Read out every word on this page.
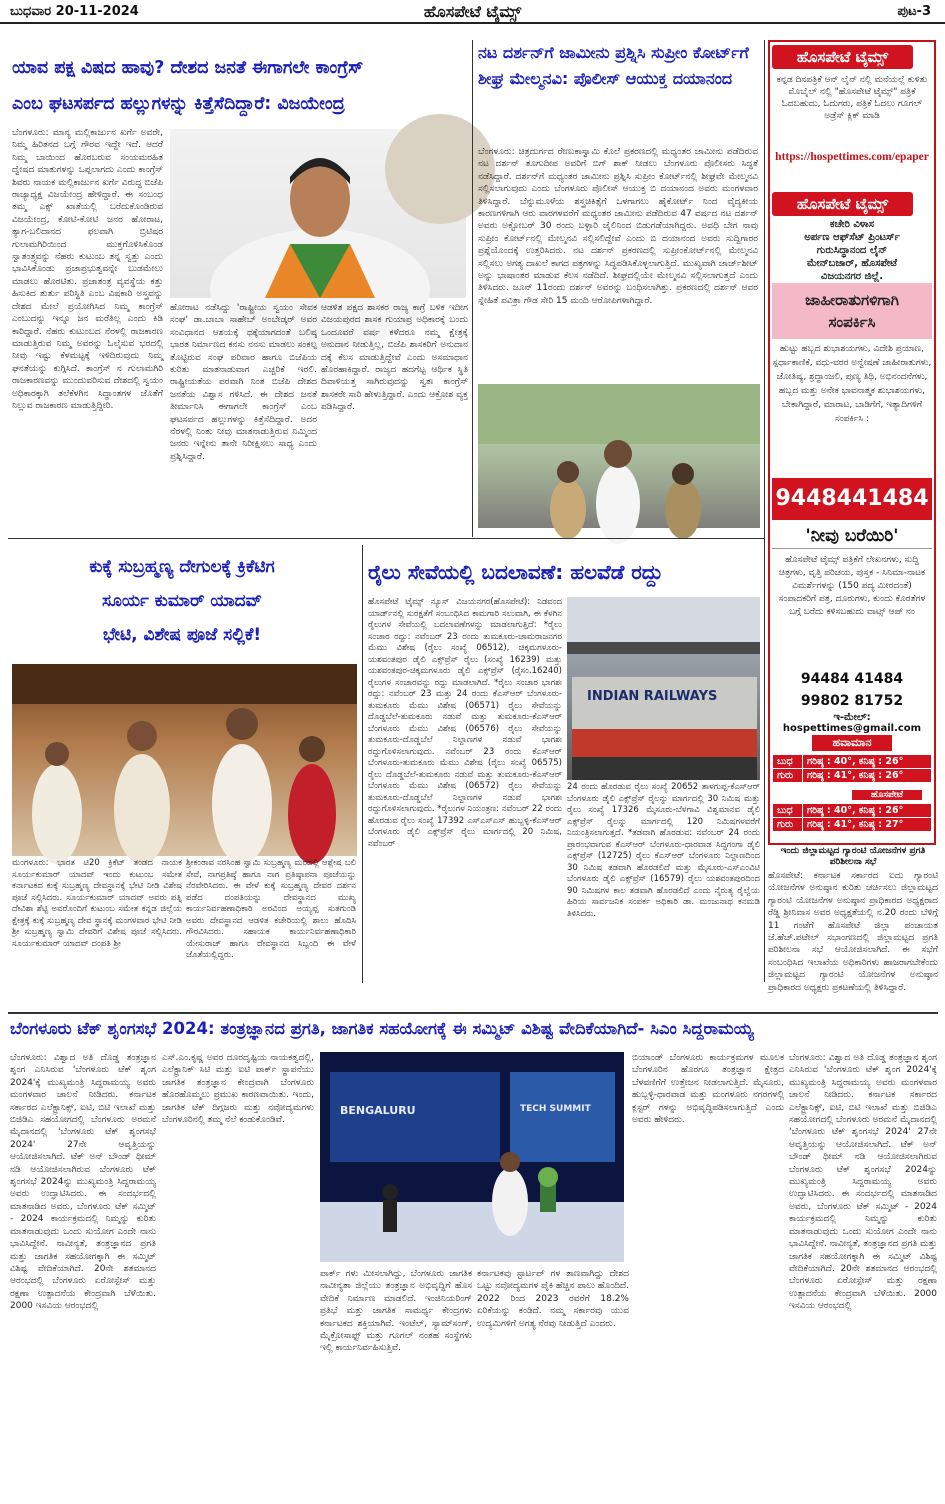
ಬುಧವಾರ 20-11-2024	ಹೊಸಪೇಟೆ ಟೈಮ್ಸ್	ಪುಟ-3
ಯಾವ ಪಕ್ಷ ವಿಷದ ಹಾವು? ದೇಶದ ಜನತೆ ಈಗಾಗಲೇ ಕಾಂಗ್ರೆಸ್
ಎಂಬ ಘಟಸರ್ಪದ ಹಲ್ಲುಗಳನ್ನು ಕಿತ್ತೆಸೆದಿದ್ದಾರೆ: ವಿಜಯೇಂದ್ರ
ಬೆಂಗಳೂರು: ಮಾನ್ಯ ಮಲ್ಲಿಕಾರ್ಜುನ ಖರ್ಗೆ ಅವರೇ, ನಿಮ್ಮ ಹಿರಿತನದ ಬಗ್ಗೆ ಗೌರವ ಇದ್ದೇ ಇದೆ. ಆದರೆ ನಿಮ್ಮ ಬಾಯಿಂದ ಹೊರಬರುವ ಸಂಯಮರಹಿತ ದ್ವೇಷದ ಮಾತುಗಳನ್ನು ಒಪ್ಪಲಾಗದು ಎಂದು ಕಾಂಗ್ರೆಸ್ ಶಿವರು ನಾಯಕ ಮಲ್ಲಿಕಾರ್ಜುನ ಖರ್ಗೆ ವಿರುದ್ಧ ಬಿಜೆಪಿ ರಾಜ್ಯಾಧ್ಯಕ್ಷ ವಿಜಯೇಂದ್ರ ಹೇಳಿದ್ದಾರೆ. ಈ ಸಂಬಂಧ ತಮ್ಮ ಎಕ್ಸ್ ಖಾತೆಯಲ್ಲಿ ಬರೆದುಕೊಂಡಿರುವ ವಿಜಯೇಂದ್ರ, ಕೋಟಿ-ಕೋಟಿ ಜನರ ಹೋರಾಟ, ತ್ಯಾಗ-ಬಲಿದಾನದ ಫಲವಾಗಿ ಬ್ರಿಟಿಷರ ಗುಲಾಮಗಿರಿಯಿಂದ ಮುಕ್ತಗೊಳಿಸಿಕೊಂಡ ಸ್ವಾತಂತ್ರ್ಯವನ್ನು ನೆಹರು ಕುಟುಂಬ ತನ್ನ ಸ್ವತ್ತು ಎಂದು ಭಾವಿಸಿಕೊಂಡು ಪ್ರಜಾಪ್ರಭುತ್ವವನ್ನೇ ಬುಡಮೇಲು ಮಾಡಲು ಹೊರಟಿತು. ಪ್ರಜಾತಂತ್ರ ವ್ಯವಸ್ಥೆಯ ಕತ್ತು ಹಿಸುಕಿದ ತುರ್ತು ಪರಿಸ್ಥಿತಿ ಎಂಬ ವಿಷಕಾರಿ ಅಸ್ತ್ರವನ್ನು ದೇಶದ ಮೇಲೆ ಪ್ರಯೋಗಿಸಿದ ನಿಮ್ಮ ಕಾಂಗ್ರೆಸ್ ಎಂಬುದನ್ನು ಇನ್ನೂ ಜನ ಮರೆತಿಲ್ಲ ಎಂದು ಕಿಡಿ ಕಾರಿದ್ದಾರೆ. ನೆಹರು ಕುಟುಂಬದ ನೆರಳಲ್ಲಿ ರಾಜಕಾರಣ ಮಾಡುತ್ತಿರುವ ನಿಮ್ಮ ಅವರನ್ನು ಓಲೈಸುವ ಭರದಲ್ಲಿ ನೀವು ಇಷ್ಟು ಕೆಳಮಟ್ಟಕ್ಕೆ ಇಳಿದಿರುವುದು ನಿಮ್ಮ ಘನತೆಯನ್ನು ಕುಗ್ಗಿಸಿದೆ. ಕಾಂಗ್ರೆಸ್ ನ ಗುಲಾಮಗಿರಿ ರಾಜಕಾರಣವನ್ನು ಮುಂದುವರಿಸುವ ದೇಶದಲ್ಲಿ ಸ್ವಯಂ ಅಧಿಕಾರಕ್ಕಾಗಿ ತಲೆಕೆಳಗಿನ ಸಿದ್ಧಾಂತಗಳ ಜೊತೆಗೆ ನಿಲ್ಲುವ ರಾಜಕಾರಣ ಮಾಡುತ್ತಿದ್ದೀರಿ.
ಹೋರಾಟ ನಡೆಸಿದ್ದು 'ರಾಷ್ಟ್ರೀಯ ಸ್ವಯಂ ಸೇವಕ ಸಂಘ' ಡಾ.ಬಾಬಾ ಸಾಹೇಬ್ ಅಂಬೇಡ್ಕರ್ ಅವರ ಸಂವಿಧಾನದ ಆಶಯಕ್ಕೆ ಧಕ್ಕೆಯಾಗದಂತೆ ಬಲಿಷ್ಠ ಭಾರತ ನಿರ್ಮಾಣದ ಕನಸು ನನಸು ಮಾಡಲು ಸಂಕಲ್ಪ ತೊಟ್ಟಿರುವ ಸಂಘ ಪರಿವಾರ ಹಾಗೂ ಬಿಜೆಪಿಯ ಕುರಿತು ಮಾತನಾಡುವಾಗ ಎಚ್ಚರಿಕೆ ಇರಲಿ. ರಾಷ್ಟ್ರೀಯತೆಯ ಪರವಾಗಿ ನಿಂತ ಬಿಜೆಪಿ ದೇಶದ ಜನತೆಯ ವಿಶ್ವಾಸ ಗಳಿಸಿದೆ. ಈ ದೇಶದ ಜನತೆ ತೀರ್ಮಾನಿಸಿ ಈಗಾಗಲೇ ಕಾಂಗ್ರೆಸ್ ಎಂಬ ಘಟಸರ್ಪದ ಹಲ್ಲುಗಳನ್ನು ಕಿತ್ತೆಸೆದಿದ್ದಾರೆ. ಅದರ ನೆರಳಲ್ಲಿ ನಿಂತು ನೀವು ಮಾತನಾಡುತ್ತಿರುವ ನಿಮ್ಮಿಂದ ಜನರು ಇನ್ನೇನು ತಾನೇ ನಿರೀಕ್ಷಿಸಲು ಸಾಧ್ಯ ಎಂದು ಪ್ರಶ್ನಿಸಿದ್ದಾರೆ.
ಆಡಳಿತ ಪಕ್ಷದ ಶಾಸಕರ ರಾಜ್ಯ ಕಾಗ್ರೆ ಬಳಿಕ ಇದೀಗ ವಿಜಯಪುರದ ಶಾಸಕ ಗುಯಾಪ್ರ ಅಧಿಕಾರಕ್ಕೆ ಬಂದು ಒಂದೂವರೆ ವರ್ಷ ಕಳೆದರೂ ನಮ್ಮ ಕ್ಷೇತ್ರಕ್ಕೆ ಅನುದಾನ ನೀಡುತ್ತಿಲ್ಲ, ಬಿಜೆಪಿ ಶಾಸಕರಿಗೆ ಅನುದಾನ ದಕ್ಕೆ ಕೆಲಸ ಮಾಡುತ್ತಿದ್ದೇವೆ ಎಂದು ಅಸಮಾಧಾನ ಹೊರಹಾಕಿದ್ದಾರೆ. ರಾಜ್ಯದ ಹದಗೆಟ್ಟ ಆರ್ಥಿಕ ಸ್ಥಿತಿ ದಿವಾಳಿಯತ್ತ ಸಾಗಿರುವುದನ್ನು ಸ್ವತಃ ಕಾಂಗ್ರೆಸ್ ಶಾಸಕರೇ ಸಾರಿ ಹೇಳುತ್ತಿದ್ದಾರೆ. ಎಂದು ಆಕ್ರೋಶ ವ್ಯಕ್ತ ಪಡಿಸಿದ್ದಾರೆ.
ನಟ ದರ್ಶನ್‌ಗೆ ಜಾಮೀನು ಪ್ರಶ್ನಿಸಿ ಸುಪ್ರೀಂ ಕೋರ್ಟ್‌ಗೆ ಶೀಘ್ರ ಮೇಲ್ಮನವಿ: ಪೊಲೀಸ್ ಆಯುಕ್ತ ದಯಾನಂದ
ಬೆಂಗಳೂರು: ಚಿತ್ರದುರ್ಗದ ರೇಣುಕಾಸ್ವಾಮಿ ಕೊಲೆ ಪ್ರಕರಣದಲ್ಲಿ ಮಧ್ಯಂತರ ಜಾಮೀನು ಪಡೆದಿರುವ ನಟ ದರ್ಶನ್ ತೂಗುದೀಪ ಅವರಿಗೆ ಬಿಗ್ ಶಾಕ್ ನೀಡಲು ಬೆಂಗಳೂರು ಪೊಲೀಸರು ಸಿದ್ಧತೆ ನಡೆಸಿದ್ದಾರೆ. ದರ್ಶನ್‌ಗೆ ಮಧ್ಯಂತರ ಜಾಮೀನು ಪ್ರಶ್ನಿಸಿ ಸುಪ್ರೀಂ ಕೋರ್ಟ್‌ನಲ್ಲಿ ಶೀಘ್ರವೇ ಮೇಲ್ಮನವಿ ಸಲ್ಲಿಸಲಾಗುವುದು ಎಂದು ಬೆಂಗಳೂರು ಪೊಲೀಸ್ ಆಯುಕ್ತ ಬಿ ದಯಾನಂದ ಅವರು ಮಂಗಳವಾರ ತಿಳಿಸಿದ್ದಾರೆ. ಬೆನ್ನುಮೂಳೆಯ ಶಸ್ತ್ರಚಿಕಿತ್ಸೆಗೆ ಒಳಗಾಗಲು ಹೈಕೋರ್ಟ್ ನಿಂದ ವೈದ್ಯಕೀಯ ಕಾರಣಗಳಿಗಾಗಿ ಆರು ವಾರಗಳವರೆಗೆ ಮಧ್ಯಂತರ ಜಾಮೀನು ಪಡೆದಿರುವ 47 ವರ್ಷದ ನಟ ದರ್ಶನ್ ಅವರು ಅಕ್ಟೋಬರ್ 30 ರಂದು ಬಳ್ಳಾರಿ ಜೈಲಿನಿಂದ ಬಿಡುಗಡೆಯಾಗಿದ್ದರು. ಅವಧಿ ಬೇಗ ನಾವು ಸುಪ್ರೀಂ ಕೋರ್ಟ್‌ನಲ್ಲಿ ಮೇಲ್ಮನವಿ ಸಲ್ಲಿಸಲಿದ್ದೇವೆ ಎಂದು ಬಿ ದಯಾನಂದ ಅವರು ಸುದ್ದಿಗಾರರ ಪ್ರಶ್ನೆಯೊಂದಕ್ಕೆ ಉತ್ತರಿಸಿದರು. ನಟ ದರ್ಶನ್ ಪ್ರಕರಣದಲ್ಲಿ ಸುಪ್ರೀಂಕೋರ್ಟ್‌ನಲ್ಲಿ ಮೇಲ್ಮನವಿ ಸಲ್ಲಿಸಲು ಅಗತ್ಯ ದಾಖಲೆ ಕಾಗದ ಪತ್ರಗಳನ್ನು ಸಿದ್ಧಪಡಿಸಿಕೊಳ್ಳಲಾಗುತ್ತಿದೆ. ಮುಖ್ಯವಾಗಿ ಜಾರ್ಜ್‌ಶೀಟ್ ಅನ್ನು ಭಾಷಾಂತರ ಮಾಡುವ ಕೆಲಸ ನಡೆದಿದೆ. ಶೀಘ್ರದಲ್ಲಿಯೇ ಮೇಲ್ಮನವಿ ಸಲ್ಲಿಸಲಾಗುತ್ತದೆ ಎಂದು ತಿಳಿಸಿದರು. ಜೂನ್ 11ರಂದು ದರ್ಶನ್ ಅವರನ್ನು ಬಂಧಿಸಲಾಗಿತ್ತು. ಪ್ರಕರಣದಲ್ಲಿ ದರ್ಶನ್ ಆವರ ಸ್ನೇಹಿತೆ ಪವಿತ್ರಾ ಗೌಡ ಸೇರಿ 15 ಮಂದಿ ಆರೋಪಿಗಳಾಗಿದ್ದಾರೆ.
ಹೊಸಪೇಟೆ ಟೈಮ್ಸ್
ಕನ್ನಡ ದಿನಪತ್ರಿಕೆ ಆನ್ ಲೈನ್ ನಲ್ಲಿ ಮನೆಯಲ್ಲೆ ಕುಳಿತು ಮೊಬೈಲ್ ನಲ್ಲಿ "ಹೊಸಪೇಟೆ ಟೈಮ್ಸ್" ಪತ್ರಿಕೆ ಓದಬಹುದು, ಓದುಗರು, ಪತ್ರಿಕೆ ಓದಲು ಗೂಗಲ್ ಅಡ್ರೆಸ್ ಕ್ಲಿಕ್ ಮಾಡಿ
https://hospettimes.com/epaper
ಹೊಸಪೇಟೆ ಟೈಮ್ಸ್
ಕಚೇರಿ ವಿಳಾಸ
ಅರ್ಪಣ ಆಫ್‌ಸೆಟ್ ಪ್ರಿಂಟರ್ಸ್
ಗುರುಸಿದ್ಧಾನಂದ ಲೈನ್
ಮೇನ್‌ಬಜಾರ್, ಹೊಸಪೇಟೆ
ವಿಜಯನಗರ ಜಿಲ್ಲೆ.
ಜಾಹೀರಾತುಗಳಿಗಾಗಿ
ಸಂಪರ್ಕಿಸಿ
ಹುಟ್ಟು ಹಬ್ಬದ ಶುಭಾಶಯಗಳು, ವಿದೇಶಿ ಪ್ರಯಾಣ, ಸ್ಪರ್ಧಾಕಾಣಿಕೆ, ವಧು-ವರರ ಅನ್ವೇಷಣೆ ಜಾಹೀರಾತುಗಳು, ಜೋತಿಷ್ಯ, ಶ್ರದ್ಧಾಂಜಲಿ, ಪುಣ್ಯ ತಿಥಿ, ಅಭಿನಂದನೆಗಳು, ಹಬ್ಬದ ಮತ್ತು ಅನೇಕ ಭಾವನಾತ್ಮಕ ಶುಭಾಶಯಗಳು, ಬೇಕಾಗಿದ್ದಾರೆ, ಮಾರಾಟ, ಬಾಡಿಗೆಗೆ, ಇತ್ಯಾದಿಗಳಿಗೆ ಸಂಪರ್ಕಿಸಿ :
9448441484
'ನೀವು ಬರೆಯಿರಿ'
ಹೊಸಪೇಟೆ ಟೈಮ್ಸ್ ಪತ್ರಿಕೆಗೆ ಲೇಖನಗಳು, ಸುದ್ದಿ ಚಿತ್ರಗಳು, ವೃತ್ತಿ ಪರಿಚಯ, ಪುಸ್ತಕ - ಸಿನಿಮಾ-ನಾಟಕ ವಿಮರ್ಶೆಗಳನ್ನು (150 ಪದ್ಯ ಮೀರದಂತೆ) ಸಂಪಾದಕರಿಗೆ ಪತ್ರ, ದೂರುಗಳು, ಕುಂದು ಕೊರತೆಗಳ ಬಗ್ಗೆ ಬರೆದು ಕಳಿಸಬಹುದು ವಾಟ್ಸ್ ಆಪ್ ನಂ
94484 41484
99802 81752
ಇ-ಮೇಲ್: hospettimes@gmail.com
ಹವಾಮಾನ
ಬುಧ	ಗರಿಷ್ಠ : 40°, ಕನಿಷ್ಠ : 26°
ಗುರು	ಗರಿಷ್ಠ : 41°, ಕನಿಷ್ಠ : 26°
ಹೊಸಪೇಟೆ
ಬುಧ	ಗರಿಷ್ಠ : 40°, ಕನಿಷ್ಠ : 26°
ಗುರು	ಗರಿಷ್ಠ : 41°, ಕನಿಷ್ಠ : 27°
ಇಂದು ಜಿಲ್ಲಾಮಟ್ಟದ ಗ್ಯಾರಂಟಿ ಯೋಜನೆಗಳ ಪ್ರಗತಿ ಪರಿಶೀಲನಾ ಸಭೆ
ಹೊಸಪೇಟೆ: ಕರ್ನಾಟಕ ಸರ್ಕಾರದ ಐದು ಗ್ಯಾರಂಟಿ ಯೋಜನೆಗಳ ಅನುಷ್ಠಾನ ಕುರಿತು ಚರ್ಚಿಸಲು ಜಿಲ್ಲಾಮಟ್ಟದ ಗ್ಯಾರಂಟಿ ಯೋಜನೆಗಳ ಅನುಷ್ಠಾನ ಪ್ರಾಧಿಕಾರದ ಅಧ್ಯಕ್ಷರಾದ ರೆಡ್ಡಿ ಶ್ರೀನಿವಾಸ ಅವರ ಅಧ್ಯಕ್ಷತೆಯಲ್ಲಿ ನ.20 ರಂದು ಬೆಳಿಗ್ಗೆ 11 ಗಂಟೆಗೆ ಹೊಸಪೇಟೆ ಜಿಲ್ಲಾ ಪಂಚಾಯತ ಜೆ.ಹೆಚ್.ಪಟೇಲ್ ಸಭಾಂಗಣದಲ್ಲಿ ಜಿಲ್ಲಾಮಟ್ಟದ ಪ್ರಗತಿ ಪರಿಶೀಲನಾ ಸಭೆ ಆಯೋಜಿಸಲಾಗಿದೆ. ಈ ಸಭೆಗೆ ಸಂಬಂಧಿಸಿದ ಇಲಾಖೆಯ ಅಧಿಕಾರಿಗಳು ಹಾಜರಾಗಬೇಕೆಂದು ಜಿಲ್ಲಾಮಟ್ಟದ ಗ್ಯಾರಂಟಿ ಯೋಜನೆಗಳ ಅನುಷ್ಠಾನ ಪ್ರಾಧಿಕಾರದ ಅಧ್ಯಕ್ಷರು ಪ್ರಕಟಣೆಯಲ್ಲಿ ತಿಳಿಸಿದ್ದಾರೆ.
ಕುಕ್ಕೆ ಸುಬ್ರಹ್ಮಣ್ಯ ದೇಗುಲಕ್ಕೆ ಕ್ರಿಕೆಟಿಗ
ಸೂರ್ಯ ಕುಮಾರ್ ಯಾದವ್
ಭೇಟಿ, ವಿಶೇಷ ಪೂಜೆ ಸಲ್ಲಿಕೆ!
ಮಂಗಳೂರು: ಭಾರತ ಟಿ20 ಕ್ರಿಕೆಟ್ ತಂಡದ ನಾಯಕ ಸೂರ್ಯಕುಮಾರ್ ಯಾದವ್ ಇಂದು ಕುಟುಂಬ ಸಮೇತ ಕರ್ನಾಟಕದ ಕುಕ್ಕೆ ಸುಬ್ರಹ್ಮಣ್ಯ ದೇವಸ್ಥಾನಕ್ಕೆ ಭೇಟಿ ನೀಡಿ ವಿಶೇಷ ಪೂಜೆ ಸಲ್ಲಿಸಿದರು. ಸೂರ್ಯಕುಮಾರ್ ಯಾದವ್ ಅವರು ಪತ್ನಿ ದೇವಿಶಾ ಶೆಟ್ಟಿ ಅವರೊಂದಿಗೆ ಕುಟುಂಬ ಸಮೇತ ಕನ್ನಡ ಜಿಲ್ಲೆಯ ಕ್ಷೇತ್ರಕ್ಕೆ ಕುಕ್ಕೆ ಸುಬ್ರಹ್ಮಣ್ಯ ದೇವ ಸ್ಥಾನಕ್ಕೆ ಮಂಗಳವಾರ ಭೇಟಿ ನೀಡಿ ಶ್ರೀ ಸುಬ್ರಹ್ಮಣ್ಯ ಸ್ವಾಮಿ ದೇವರಿಗೆ ವಿಶೇಷ ಪೂಜೆ ಸಲ್ಲಿಸಿದರು. ಸೂರ್ಯಕುಮಾರ್ ಯಾದವ್ ದಂಪತಿ ಶ್ರೀ
ಶ್ರೀಕಂಠಾವ ನರಸಿಂಹ ಸ್ವಾಮಿ ಸುಬ್ರಹ್ಮಣ್ಯ ಮಠದಲ್ಲಿ ಆಶ್ಲೇಷ ಬಲಿ ಸೇವೆ, ನಾಗಪ್ರತಿಷ್ಠೆ ಹಾಗೂ ನಾಗ ಪ್ರತಿಷ್ಠಾಪನಾ ಪೂಜೆಯನ್ನು ನೆರವೇರಿಸಿದರು. ಈ ವೇಳೆ ಕುಕ್ಕೆ ಸುಬ್ರಹ್ಮಣ್ಯ ದೇವರ ದರ್ಶನ ಪಡೆದ ದಂಪತಿಯನ್ನು ದೇವಸ್ಥಾನದ ಮುಖ್ಯ ಕಾರ್ಯನಿರ್ವಹಣಾಧಿಕಾರಿ ಅರವಿಂದ ಅಯ್ಯಪ್ಪ ಸುತಗುಂಡಿ ಅವರು ದೇವಸ್ಥಾನದ ಆಡಳಿತ ಕಚೇರಿಯಲ್ಲಿ ಶಾಲು ಹೊದಿಸಿ ಗೌರವಿಸಿದರು. ಸಹಾಯಕ ಕಾರ್ಯನಿರ್ವಹಣಾಧಿಕಾರಿ ಯೇಸುರಾಜ್ ಹಾಗೂ ದೇವಸ್ಥಾನದ ಸಿಬ್ಬಂದಿ ಈ ವೇಳೆ ಜೊತೆಯಲ್ಲಿದ್ದರು.
ರೈಲು ಸೇವೆಯಲ್ಲಿ ಬದಲಾವಣೆ: ಹಲವೆಡೆ ರದ್ದು
ಹೊಸಪೇಟೆ ಟೈಮ್ಸ್ ನ್ಯೂಸ್ ವಿಜಯನಗರ(ಹೊಸಪೇಟೆ): ನಿಡವಂದ ಯಾರ್ಡ್‌ನಲ್ಲಿ ಸುರಕ್ಷತೆಗೆ ಸಂಬಂಧಿಸಿದ ಕಾಮಗಾರಿ ಸಲುವಾಗಿ, ಈ ಕೆಳಗಿನ ರೈಲುಗಳ ಸೇವೆಯಲ್ಲಿ ಬದಲಾವಣೆಗಳನ್ನು ಮಾಡಲಾಗುತ್ತಿದೆ: *ರೈಲು ಸಂಚಾರ ರದ್ದು: ನವೆಂಬರ್ 23 ರಂದು ತುಮಕೂರು-ಚಾಮರಾಜನಗರ ಮೆಮು ವಿಶೇಷ (ರೈಲು ಸಂಖ್ಯೆ 06512), ಚಿಕ್ಕಮಗಳೂರು-ಯಶವಂತಪುರ ಡೈಲಿ ಎಕ್ಸ್‌ಪ್ರೆಸ್ ರೈಲು (ಸಂಖ್ಯೆ 16239) ಮತ್ತು ಯಶವಂತಪುರ-ಚಿಕ್ಕಮಗಳೂರು ಡೈಲಿ ಎಕ್ಸ್‌ಪ್ರೆಸ್ (ರೈಸಂ.16240) ರೈಲುಗಳ ಸಂಚಾರವನ್ನು ರದ್ದು ಮಾಡಲಾಗಿದೆ. *ರೈಲು ಸಂಚಾರ ಭಾಗಶಃ ರದ್ದು: ನವೆಂಬರ್ 23 ಮತ್ತು 24 ರಂದು ಕೆಎಸ್‌ಆರ್ ಬೆಂಗಳೂರು-ತುಮಕೂರು ಮೆಮು ವಿಶೇಷ (06571) ರೈಲು ಸೇವೆಯನ್ನು ದೊಡ್ಡಬೆಲೆ-ತುಮಕೂರು ನಡುವೆ ಮತ್ತು ತುಮಕೂರು-ಕೆಎಸ್‌ಆರ್ ಬೆಂಗಳೂರು ಮೆಮು ವಿಶೇಷ (06576) ರೈಲು ಸೇವೆಯನ್ನು ತುಮಕೂರು-ದೊಡ್ಡಬೆಲೆ ನಿಲ್ದಾಣಗಳ ನಡುವೆ ಭಾಗಶಃ ರದ್ದುಗೊಳಿಸಲಾಗುವುದು. ನವೆಂಬರ್ 23 ರಂದು ಕೆಎಸ್‌ಆರ್ ಬೆಂಗಳೂರು-ತುಮಕೂರು ಮೆಮು ವಿಶೇಷ (ರೈಲು ಸಂಖ್ಯೆ 06575) ರೈಲು ದೊಡ್ಡಬೆಲೆ-ತುಮಕೂರು ನಡುವೆ ಮತ್ತು ತುಮಕೂರು-ಕೆಎಸ್‌ಆರ್ ಬೆಂಗಳೂರು ಮೆಮು ವಿಶೇಷ (06572) ರೈಲು ಸೇವೆಯನ್ನು ತುಮಕೂರು-ದೊಡ್ಡಬೆಲೆ ನಿಲ್ದಾಣಗಳ ನಡುವೆ ಭಾಗಶಃ ರದ್ದುಗೊಳಿಸಲಾಗುವುದು. *ರೈಲುಗಳ ನಿಯಂತ್ರಣ: ನವೆಂಬರ್ 22 ರಂದು ಹೊರಡುವ ರೈಲು ಸಂಖ್ಯೆ 17392 ಎಸ್‌ಎಸ್‌ಎಸ್ ಹುಬ್ಬಳ್ಳಿ-ಕೆಎಸ್‌ಆರ್ ಬೆಂಗಳೂರು ಡೈಲಿ ಎಕ್ಸ್‌ಪ್ರೆಸ್ ರೈಲು ಮಾರ್ಗದಲ್ಲಿ 20 ನಿಮಿಷ, ನವೆಂಬರ್
INDIAN RAILWAYS
24 ರಂದು ಹೊರಡುವ ರೈಲು ಸಂಖ್ಯೆ 20652 ತಾಳಗುಪ್ಪ-ಕೆಎಸ್‌ಆರ್ ಬೆಂಗಳೂರು ಡೈಲಿ ಎಕ್ಸ್‌ಪ್ರೆಸ್ ರೈಲನ್ನು ಮಾರ್ಗದಲ್ಲಿ 30 ನಿಮಿಷ ಮತ್ತು ರೈಲು ಸಂಖ್ಯೆ 17326 ಮೈಸೂರು-ಬೆಳಗಾವಿ ವಿಶ್ವಮಾನವ ಡೈಲಿ ಎಕ್ಸ್‌ಪ್ರೆಸ್ ರೈಲನ್ನು ಮಾರ್ಗದಲ್ಲಿ 120 ನಿಮಿಷಗಳವರೆಗೆ ನಿಯಂತ್ರಿಸಲಾಗುತ್ತದೆ. *ತಡವಾಗಿ ಹೊರಡುವ: ನವೆಂಬರ್ 24 ರಂದು ಪ್ರಾರಂಭವಾಗುವ ಕೆಎಸ್‌ಆರ್ ಬೆಂಗಳೂರು-ಧಾರವಾಡ ಸಿದ್ಧಗಂಗಾ ಡೈಲಿ ಎಕ್ಸ್‌ಪ್ರೆಸ್ (12725) ರೈಲು ಕೆಎಸ್‌ಆರ್ ಬೆಂಗಳೂರು ನಿಲ್ದಾಣದಿಂದ 30 ನಿಮಿಷ ತಡವಾಗಿ ಹೊರಡಲಿದೆ ಮತ್ತು ಮೈಸೂರು-ಎಸ್‌ಎಂವಿಟಿ ಬೆಂಗಳೂರು ಡೈಲಿ ಎಕ್ಸ್‌ಪ್ರೆಸ್ (16579) ರೈಲು ಯಶವಂತಪುರದಿಂದ 90 ನಿಮಿಷಗಳ ಕಾಲ ತಡವಾಗಿ ಹೊರಡಲಿದೆ ಎಂದು ನೈರುತ್ಯ ರೈಲ್ವೆಯ ಹಿರಿಯ ಸಾರ್ವಜನಿಕ ಸಂಪರ್ಕ ಅಧಿಕಾರಿ ಡಾ. ಮಂಜುನಾಥ ಕನಮಡಿ ತಿಳಿಸಿದರು.
ಬೆಂಗಳೂರು ಟೆಕ್ ಶೃಂಗಸಭೆ 2024: ತಂತ್ರಜ್ಞಾನದ ಪ್ರಗತಿ, ಜಾಗತಿಕ ಸಹಯೋಗಕ್ಕೆ ಈ ಸಮ್ಮಿಟ್ ವಿಶಿಷ್ಟ ವೇದಿಕೆಯಾಗಿದೆ- ಸಿಎಂ ಸಿದ್ದರಾಮಯ್ಯ
ಬೆಂಗಳೂರು: ವಿಶ್ವಾದ ಅತಿ ದೊಡ್ಡ ತಂತ್ರಜ್ಞಾನ ಶೃಂಗ ಎನಿಸಿರುವ 'ಬೆಂಗಳೂರು ಟೆಕ್ ಶೃಂಗ 2024'ಕ್ಕೆ ಮುಖ್ಯಮಂತ್ರಿ ಸಿದ್ದರಾಮಯ್ಯ ಅವರು ಮಂಗಳವಾರ ಚಾಲನೆ ನೀಡಿದರು. ಕರ್ನಾಟಕ ಸರ್ಕಾರದ ಎಲೆಕ್ಟ್ರಾನಿಕ್ಸ್, ಐಟಿ, ಬಿಟಿ ಇಲಾಖೆ ಮತ್ತು ಬಿಜಿಡಿಎ ಸಹಯೋಗದಲ್ಲಿ ಬೆಂಗಳೂರು ಅರಮನೆ ಮೈದಾನದಲ್ಲಿ 'ಬೆಂಗಳೂರು ಟೆಕ್ ಶೃಂಗಸಭೆ 2024' 27ನೇ ಆವೃತ್ತಿಯನ್ನು ಆಯೋಜಿಸಲಾಗಿದೆ. ಟೆಕ್ ಅನ್ ಬೌಂಡ್ ಥೀಮ್ ನಡಿ ಆಯೋಜಿಸಲಾಗಿರುವ ಬೆಂಗಳೂರು ಟೆಕ್ ಶೃಂಗಸಭೆ 2024ನ್ನು ಮುಖ್ಯಮಂತ್ರಿ ಸಿದ್ದರಾಮಯ್ಯ ಅವರು ಉದ್ಘಾಟಿಸಿದರು. ಈ ಸಂದರ್ಭದಲ್ಲಿ ಮಾತನಾಡಿದ ಅವರು, ಬೆಂಗಳೂರು ಟೆಕ್ ಸಮ್ಮಿಟ್ - 2024 ಕಾರ್ಯಕ್ರಮದಲ್ಲಿ ನಿಮ್ಮನ್ನು ಕುರಿತು ಮಾತನಾಡುವುದು ಒಂದು ಸುಯೋಗ ಎಂದೇ ನಾನು ಭಾವಿಸಿದ್ದೇನೆ. ನಾವೀನ್ಯತೆ, ತಂತ್ರಜ್ಞಾನದ ಪ್ರಗತಿ ಮತ್ತು ಜಾಗತಿಕ ಸಹಯೋಗಕ್ಕಾಗಿ ಈ ಸಮ್ಮಿಟ್ ವಿಶಿಷ್ಟ ವೇದಿಕೆಯಾಗಿದೆ. 20ನೇ ಶತಮಾನದ ಆರಂಭದಲ್ಲಿ ಬೆಂಗಳೂರು ಏರೋಸ್ಪೇಸ್ ಮತ್ತು ರಕ್ಷಣಾ ಉತ್ಪಾದನೆಯ ಕೇಂದ್ರವಾಗಿ ಬೆಳೆಯಿತು. 2000 ಇಸವಿಯ ಆರಂಭದಲ್ಲಿ
ಎಸ್.ಎಂ.ಕೃಷ್ಣ ಅವರ ದೂರದೃಷ್ಟಿಯ ನಾಯಕತ್ವದಲ್ಲಿ, ಎಲೆಕ್ಟ್ರಾನಿಕ್ ಸಿಟಿ ಮತ್ತು ಐಟಿ ಪಾರ್ಕ್ ಸ್ಥಾಪನೆಯು ಜಾಗತಿಕ ತಂತ್ರಜ್ಞಾನ ಕೇಂದ್ರವಾಗಿ ಬೆಂಗಳೂರು ಹೊರಹೊಮ್ಮಲು ಪ್ರಮುಖ ಕಾರಣವಾಯಿತು. ಇಂದು, ಜಾಗತಿಕ ಟೆಕ್ ದಿಗ್ಗಜರು ಮತ್ತು ನವೋದ್ಯಮಗಳು ಬೆಂಗಳೂರಿನಲ್ಲಿ ತಮ್ಮ ನೆಲೆ ಕಂಡುಕೊಂಡಿವೆ.
BENGALURU	TECH SUMMIT
ಪಾರ್ಕ್ ಗಳು ಮೀಸಲಾಗಿದ್ದು, ಬೆಂಗಳೂರು ಜಾಗತಿಕ ನಾವೀನ್ಯತಾ ಜಿಲ್ಲೆಯು ತಂತ್ರಜ್ಞಾನ ಅಭಿವೃದ್ಧಿಗೆ ಹೊಸ ವೇದಿಕೆ ನಿರ್ಮಾಣ ಮಾಡಲಿದೆ. ಇಂಜಿನಿಯರಿಂಗ್ ಪ್ರತಿಭೆ ಮತ್ತು ಜಾಗತಿಕ ಸಾಮರ್ಥ್ಯ ಕೇಂದ್ರಗಳು ಕರ್ನಾಟಕದ ಶಕ್ತಿಯಾಗಿವೆ. ಇಂಟೆಲ್, ಸ್ಯಾಮ್‌ಸಂಗ್, ಮೈಕ್ರೋಸಾಫ್ಟ್ ಮತ್ತು ಗೂಗಲ್ ನಂತಹ ಸಂಸ್ಥೆಗಳು ಇಲ್ಲಿ ಕಾರ್ಯನಿರ್ವಹಿಸುತ್ತಿವೆ.
ಕರ್ನಾಟಕವು ಸ್ಟಾರ್ಟಪ್ ಗಳ ತಾಣವಾಗಿದ್ದು ದೇಶದ ಒಟ್ಟು ನವೋದ್ಯಮಗಳ ಪೈಕಿ ಹೆಚ್ಚಿನ ಪಾಲು ಹೊಂದಿದೆ. 2022 ರಿಂದ 2023 ರವರೆಗೆ 18.2% ಏರಿಕೆಯನ್ನು ಕಂಡಿದೆ. ನಮ್ಮ ಸರ್ಕಾರವು ಯುವ ಉದ್ಯಮಿಗಳಿಗೆ ಅಗತ್ಯ ನೆರವು ನೀಡುತ್ತಿದೆ ಎಂದರು.
ಬಿಯಾಂಡ್ ಬೆಂಗಳೂರು ಕಾರ್ಯಕ್ರಮಗಳ ಮೂಲಕ ಬೆಂಗಳೂರಿನ ಹೊರಗೂ ತಂತ್ರಜ್ಞಾನ ಕ್ಷೇತ್ರದ ಬೆಳವಣಿಗೆಗೆ ಉತ್ತೇಜನ ನೀಡಲಾಗುತ್ತಿದೆ. ಮೈಸೂರು, ಹುಬ್ಬಳ್ಳಿ-ಧಾರವಾಡ ಮತ್ತು ಮಂಗಳೂರು ನಗರಗಳಲ್ಲಿ ಕ್ಲಸ್ಟರ್ ಗಳನ್ನು ಅಭಿವೃದ್ಧಿಪಡಿಸಲಾಗುತ್ತಿದೆ ಎಂದು ಅವರು ಹೇಳಿದರು.
ಬೆಂಗಳೂರು: ವಿಶ್ವಾದ ಅತಿ ದೊಡ್ಡ ತಂತ್ರಜ್ಞಾನ ಶೃಂಗ ಎನಿಸಿರುವ 'ಬೆಂಗಳೂರು ಟೆಕ್ ಶೃಂಗ 2024'ಕ್ಕೆ ಮುಖ್ಯಮಂತ್ರಿ ಸಿದ್ದರಾಮಯ್ಯ ಅವರು ಮಂಗಳವಾರ ಚಾಲನೆ ನೀಡಿದರು. ಕರ್ನಾಟಕ ಸರ್ಕಾರದ ಎಲೆಕ್ಟ್ರಾನಿಕ್ಸ್, ಐಟಿ, ಬಿಟಿ ಇಲಾಖೆ ಮತ್ತು ಬಿಜಿಡಿಎ ಸಹಯೋಗದಲ್ಲಿ ಬೆಂಗಳೂರು ಅರಮನೆ ಮೈದಾನದಲ್ಲಿ 'ಬೆಂಗಳೂರು ಟೆಕ್ ಶೃಂಗಸಭೆ 2024' 27ನೇ ಆವೃತ್ತಿಯನ್ನು ಆಯೋಜಿಸಲಾಗಿದೆ. ಟೆಕ್ ಅನ್ ಬೌಂಡ್ ಥೀಮ್ ನಡಿ ಆಯೋಜಿಸಲಾಗಿರುವ ಬೆಂಗಳೂರು ಟೆಕ್ ಶೃಂಗಸಭೆ 2024ನ್ನು ಮುಖ್ಯಮಂತ್ರಿ ಸಿದ್ದರಾಮಯ್ಯ ಅವರು ಉದ್ಘಾಟಿಸಿದರು. ಈ ಸಂದರ್ಭದಲ್ಲಿ ಮಾತನಾಡಿದ ಅವರು, ಬೆಂಗಳೂರು ಟೆಕ್ ಸಮ್ಮಿಟ್ - 2024 ಕಾರ್ಯಕ್ರಮದಲ್ಲಿ ನಿಮ್ಮನ್ನು ಕುರಿತು ಮಾತನಾಡುವುದು ಒಂದು ಸುಯೋಗ ಎಂದೇ ನಾನು ಭಾವಿಸಿದ್ದೇನೆ. ನಾವೀನ್ಯತೆ, ತಂತ್ರಜ್ಞಾನದ ಪ್ರಗತಿ ಮತ್ತು ಜಾಗತಿಕ ಸಹಯೋಗಕ್ಕಾಗಿ ಈ ಸಮ್ಮಿಟ್ ವಿಶಿಷ್ಟ ವೇದಿಕೆಯಾಗಿದೆ. 20ನೇ ಶತಮಾನದ ಆರಂಭದಲ್ಲಿ ಬೆಂಗಳೂರು ಏರೋಸ್ಪೇಸ್ ಮತ್ತು ರಕ್ಷಣಾ ಉತ್ಪಾದನೆಯ ಕೇಂದ್ರವಾಗಿ ಬೆಳೆಯಿತು. 2000 ಇಸವಿಯ ಆರಂಭದಲ್ಲಿ
